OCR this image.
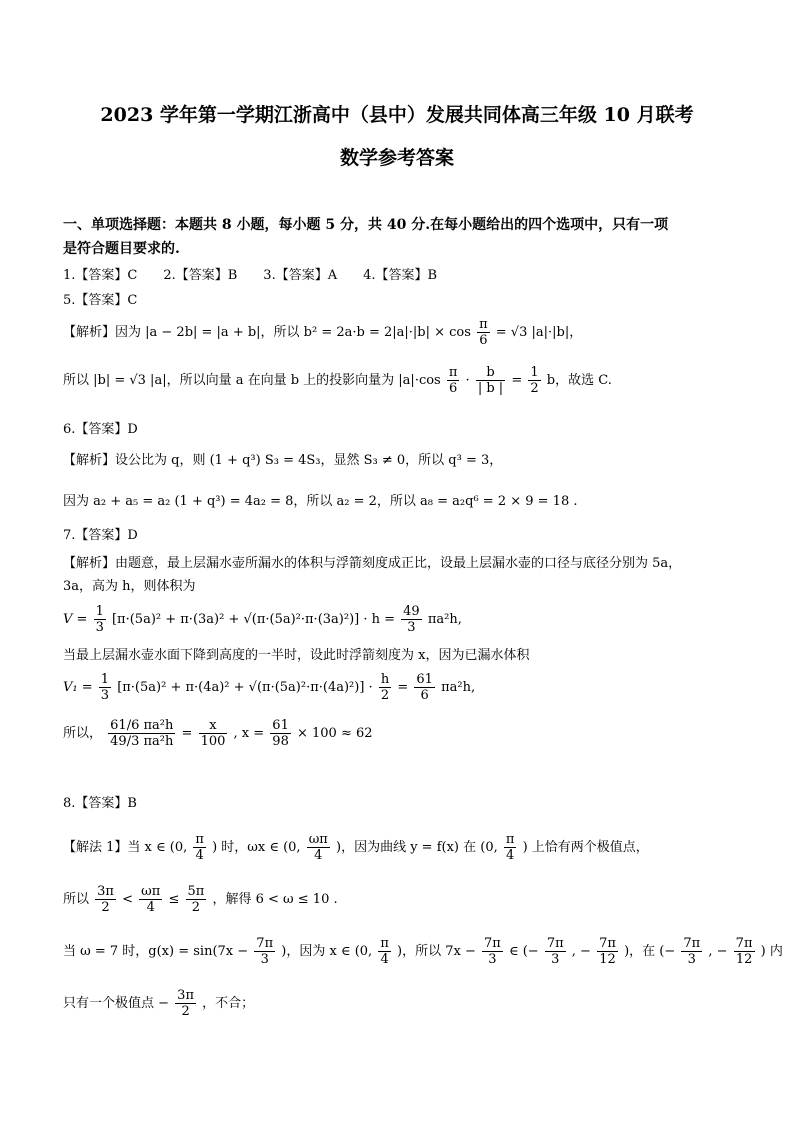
2023 学年第一学期江浙高中（县中）发展共同体高三年级 10 月联考
数学参考答案
一、单项选择题：本题共 8 小题，每小题 5 分，共 40 分.在每小题给出的四个选项中，只有一项
是符合题目要求的.
1.【答案】C　　2.【答案】B　　3.【答案】A　　4.【答案】B
5.【答案】C
【解析】因为 |a − 2b| = |a + b|，所以 $b^2 = 2a\cdot b = 2|a|\cdot|b| \times \cos \frac{\pi}{6} = √3$ |a|·|b|，
所以 |b| = √3 |a|，所以向量 a 在向量 b 上的投影向量为 $|a|\cdot\cos \frac{\pi}{6} \cdot \frac{b}{| b |} = \frac{1}{2}$ b，故选 C.
6.【答案】D
【解析】设公比为 q，则 (1 + q³) S₃ = 4S₃，显然 S₃ ≠ 0，所以 q³ = 3，
因为 a₂ + a₅ = a₂ (1 + q³) = 4a₂ = 8，所以 a₂ = 2，所以 a₈ = a₂q⁶ = 2 × 9 = 18 .
7.【答案】D
【解析】由题意，最上层漏水壶所漏水的体积与浮箭刻度成正比，设最上层漏水壶的口径与底径分别为 5a，
3a，高为 h，则体积为
$V = \frac{1}{3} [\pi\cdot(5a)^2 + \pi\cdot(3a)^2 + √(\pi\cdot(5a)^2\cdot\pi\cdot(3a)^2)] \cdot h = \frac{49}{3} \pi a^2h$,
当最上层漏水壶水面下降到高度的一半时，设此时浮箭刻度为 x，因为已漏水体积
$V_1 = \frac{1}{3} [\pi\cdot(5a)^2 + \pi\cdot(4a)^2 + √(\pi\cdot(5a)^2\cdot\pi\cdot(4a)^2)] \cdot \frac{h}{2} = \frac{61}{6} \pi a^2h$,
所以， $\frac{\text{61/6 πa²h}}{\text{49/3 πa²h}} = \frac{x}{100}$ , $x = \frac{61}{98} \times 100 \approx 62$
8.【答案】B
【解法 1】当 x ∈ (0, $\frac{\pi}{4}$ ) 时，ωx ∈ (0, $\frac{\omega\pi}{4}$ )，因为曲线 y = f(x) 在 (0, $\frac{\pi}{4}$ ) 上恰有两个极值点，
所以 $\frac{3\pi}{2} < \frac{\omega\pi}{4} \le \frac{5\pi}{2}$ ，解得 6 < ω ≤ 10 .
当 ω = 7 时，$g(x) = \sin(7x - \frac{7\pi}{3}$ )，因为 x ∈ (0, $\frac{\pi}{4}$ )，所以 $7x - \frac{7\pi}{3}$ ∈ (− $\frac{7\pi}{3}$ , − $\frac{7\pi}{12}$ )，在 (− $\frac{7\pi}{3}$ , − $\frac{7\pi}{12}$ ) 内
只有一个极值点 − $\frac{3\pi}{2}$ ，不合；
